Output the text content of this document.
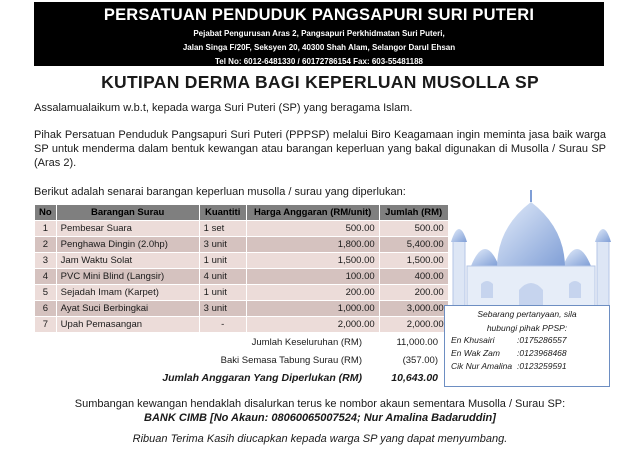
PERSATUAN PENDUDUK PANGSAPURI SURI PUTERI
Pejabat Pengurusan Aras 2, Pangsapuri Perkhidmatan Suri Puteri,
Jalan Singa F/20F, Seksyen 20, 40300 Shah Alam, Selangor Darul Ehsan
Tel No: 6012-6481330 / 60172786154 Fax: 603-55481188
KUTIPAN DERMA BAGI KEPERLUAN MUSOLLA SP
Assalamualaikum w.b.t, kepada warga Suri Puteri (SP) yang beragama Islam.
Pihak Persatuan Penduduk Pangsapuri Suri Puteri (PPPSP) melalui Biro Keagamaan ingin meminta jasa baik warga SP untuk menderma dalam bentuk kewangan atau barangan keperluan yang bakal digunakan di Musolla / Surau SP (Aras 2).
Berikut adalah senarai barangan keperluan musolla / surau yang diperlukan:
No	Barangan Surau	Kuantiti	Harga Anggaran (RM/unit)	Jumlah (RM)
1	Pembesar Suara	1 set	500.00	500.00
2	Penghawa Dingin (2.0hp)	3 unit	1,800.00	5,400.00
3	Jam Waktu Solat	1 unit	1,500.00	1,500.00
4	PVC Mini Blind (Langsir)	4 unit	100.00	400.00
5	Sejadah Imam (Karpet)	1 unit	200.00	200.00
6	Ayat Suci Berbingkai	3 unit	1,000.00	3,000.00
7	Upah Pemasangan	-	2,000.00	2,000.00
Jumlah Keseluruhan (RM)	11,000.00
Baki Semasa Tabung Surau (RM)	(357.00)
Jumlah Anggaran Yang Diperlukan (RM)	10,643.00
Sebarang pertanyaan, sila
hubungi pihak PPSP:
En Khusairi	:0175286557
En Wak Zam	:0123968468
Cik Nur Amalina :0123259591
Sumbangan kewangan hendaklah disalurkan terus ke nombor akaun sementara Musolla / Surau SP:
BANK CIMB [No Akaun: 08060065007524; Nur Amalina Badaruddin]
Ribuan Terima Kasih diucapkan kepada warga SP yang dapat menyumbang.
